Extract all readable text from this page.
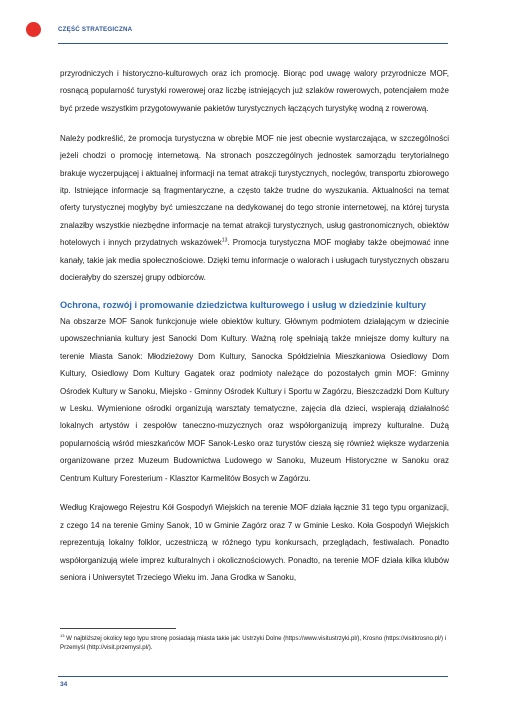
CZĘŚĆ STRATEGICZNA

przyrodniczych i historyczno-kulturowych oraz ich promocję. Biorąc pod uwagę walory przyrodnicze MOF, rosnącą popularność turystyki rowerowej oraz liczbę istniejących już szlaków rowerowych, potencjałem może być przede wszystkim przygotowywanie pakietów turystycznych łączących turystykę wodną z rowerową.

Należy podkreślić, że promocja turystyczna w obrębie MOF nie jest obecnie wystarczająca, w szczególności jeżeli chodzi o promocję internetową. Na stronach poszczególnych jednostek samorządu terytorialnego brakuje wyczerpującej i aktualnej informacji na temat atrakcji turystycznych, noclegów, transportu zbiorowego itp. Istniejące informacje są fragmentaryczne, a często także trudne do wyszukania. Aktualności na temat oferty turystycznej mogłyby być umieszczane na dedykowanej do tego stronie internetowej, na której turysta znalazłby wszystkie niezbędne informacje na temat atrakcji turystycznych, usług gastronomicznych, obiektów hotelowych i innych przydatnych wskazówek$^{13}$. Promocja turystyczna MOF mogłaby także obejmować inne kanały, takie jak media społecznościowe. Dzięki temu informacje o walorach i usługach turystycznych obszaru docierałyby do szerszej grupy odbiorców.

Ochrona, rozwój i promowanie dziedzictwa kulturowego i usług w dziedzinie kultury

Na obszarze MOF Sanok funkcjonuje wiele obiektów kultury. Głównym podmiotem działającym w dziecinie upowszechniania kultury jest Sanocki Dom Kultury. Ważną rolę spełniają także mniejsze domy kultury na terenie Miasta Sanok: Młodzieżowy Dom Kultury, Sanocka Spółdzielnia Mieszkaniowa Osiedlowy Dom Kultury, Osiedlowy Dom Kultury Gagatek oraz podmioty należące do pozostałych gmin MOF: Gminny Ośrodek Kultury w Sanoku, Miejsko - Gminny Ośrodek Kultury i Sportu w Zagórzu, Bieszczadzki Dom Kultury w Lesku. Wymienione ośrodki organizują warsztaty tematyczne, zajęcia dla dzieci, wspierają działalność lokalnych artystów i zespołów taneczno-muzycznych oraz współorganizują imprezy kulturalne. Dużą popularnością wśród mieszkańców MOF Sanok-Lesko oraz turystów cieszą się również większe wydarzenia organizowane przez Muzeum Budownictwa Ludowego w Sanoku, Muzeum Historyczne w Sanoku oraz Centrum Kultury Foresterium - Klasztor Karmelitów Bosych w Zagórzu.

Według Krajowego Rejestru Kół Gospodyń Wiejskich na terenie MOF działa łącznie 31 tego typu organizacji, z czego 14 na terenie Gminy Sanok, 10 w Gminie Zagórz oraz 7 w Gminie Lesko. Koła Gospodyń Wiejskich reprezentują lokalny folklor, uczestniczą w różnego typu konkursach, przeglądach, festiwalach. Ponadto współorganizują wiele imprez kulturalnych i okolicznościowych. Ponadto, na terenie MOF działa kilka klubów seniora i Uniwersytet Trzeciego Wieku im. Jana Grodka w Sanoku,

$^{13}$ W najbliższej okolicy tego typu stronę posiadają miasta takie jak: Ustrzyki Dolne (https://www.visitustrzyki.pl/), Krosno (https://visitkrosno.pl/) i Przemyśl (http://visit.przemysl.pl/).

34
